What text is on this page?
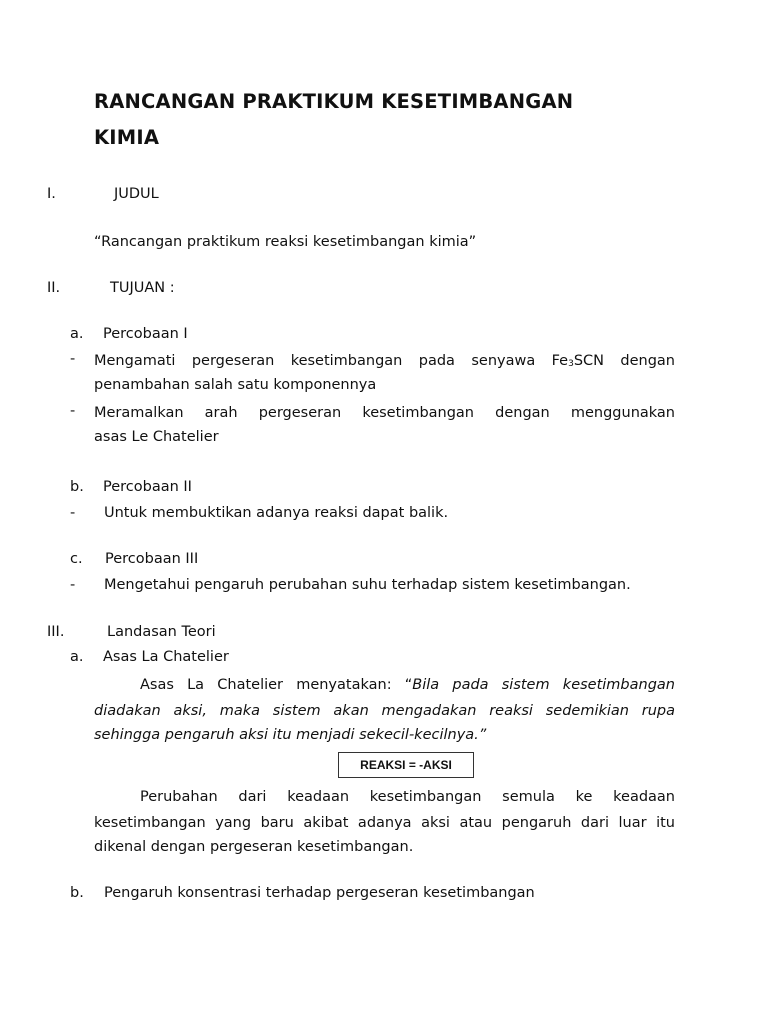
RANCANGAN PRAKTIKUM KESETIMBANGAN
KIMIA
I.	JUDUL
“Rancangan praktikum reaksi kesetimbangan kimia”
II.	TUJUAN :
a. Percobaan I
- Mengamati pergeseran kesetimbangan pada senyawa $Fe_3SCN$ dengan
penambahan salah satu komponennya
- Meramalkan arah pergeseran kesetimbangan dengan menggunakan
asas Le Chatelier
b. Percobaan II
- Untuk membuktikan adanya reaksi dapat balik.
c. Percobaan III
- Mengetahui pengaruh perubahan suhu terhadap sistem kesetimbangan.
III.	Landasan Teori
a. Asas La Chatelier
Asas La Chatelier menyatakan: “Bila pada sistem kesetimbangan
diadakan aksi, maka sistem akan mengadakan reaksi sedemikian rupa
sehingga pengaruh aksi itu menjadi sekecil-kecilnya.”
REAKSI = -AKSI
Perubahan dari keadaan kesetimbangan semula ke keadaan
kesetimbangan yang baru akibat adanya aksi atau pengaruh dari luar itu
dikenal dengan pergeseran kesetimbangan.
b. Pengaruh konsentrasi terhadap pergeseran kesetimbangan
